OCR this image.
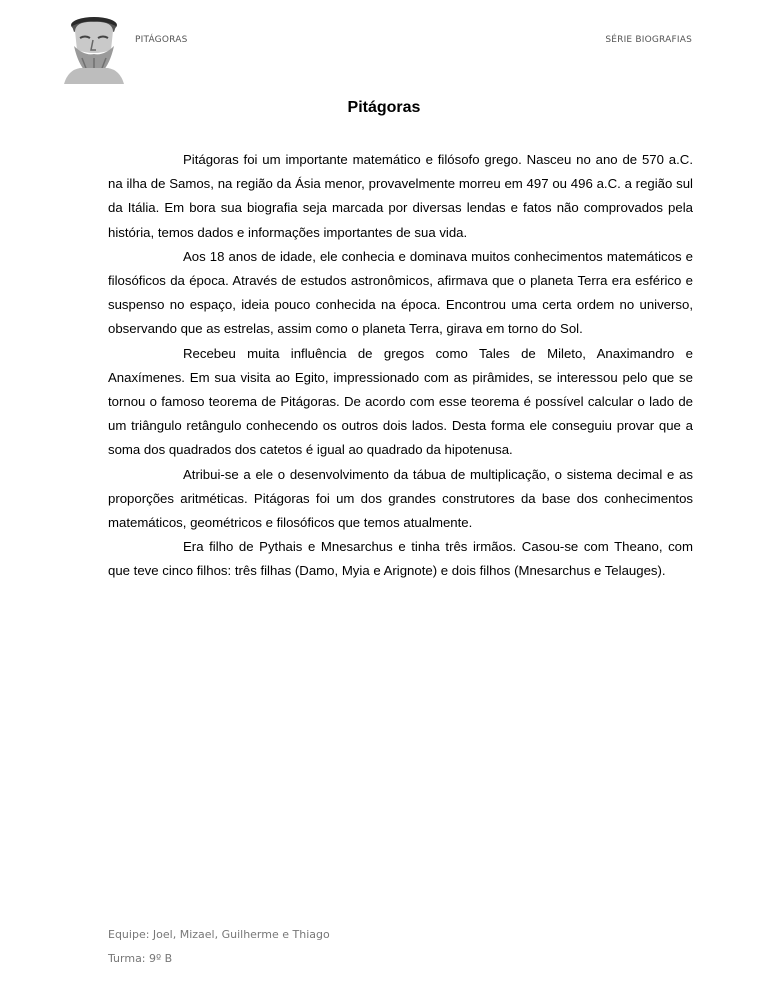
PITÁGORAS	SÉRIE BIOGRAFIAS
Pitágoras

Pitágoras foi um importante matemático e filósofo grego. Nasceu no ano de 570 a.C. na ilha de Samos, na região da Ásia menor, provavelmente morreu em 497 ou 496 a.C. a região sul da Itália. Em bora sua biografia seja marcada por diversas lendas e fatos não comprovados pela história, temos dados e informações importantes de sua vida.

Aos 18 anos de idade, ele conhecia e dominava muitos conhecimentos matemáticos e filosóficos da época. Através de estudos astronômicos, afirmava que o planeta Terra era esférico e suspenso no espaço, ideia pouco conhecida na época. Encontrou uma certa ordem no universo, observando que as estrelas, assim como o planeta Terra, girava em torno do Sol.

Recebeu muita influência de gregos como Tales de Mileto, Anaximandro e Anaxímenes. Em sua visita ao Egito, impressionado com as pirâmides, se interessou pelo que se tornou o famoso teorema de Pitágoras. De acordo com esse teorema é possível calcular o lado de um triângulo retângulo conhecendo os outros dois lados. Desta forma ele conseguiu provar que a soma dos quadrados dos catetos é igual ao quadrado da hipotenusa.

Atribui-se a ele o desenvolvimento da tábua de multiplicação, o sistema decimal e as proporções aritméticas. Pitágoras foi um dos grandes construtores da base dos conhecimentos matemáticos, geométricos e filosóficos que temos atualmente.

Era filho de Pythais e Mnesarchus e tinha três irmãos. Casou-se com Theano, com que teve cinco filhos: três filhas (Damo, Myia e Arignote) e dois filhos (Mnesarchus e Telauges).

Equipe: Joel, Mizael, Guilherme e Thiago
Turma: 9º B
